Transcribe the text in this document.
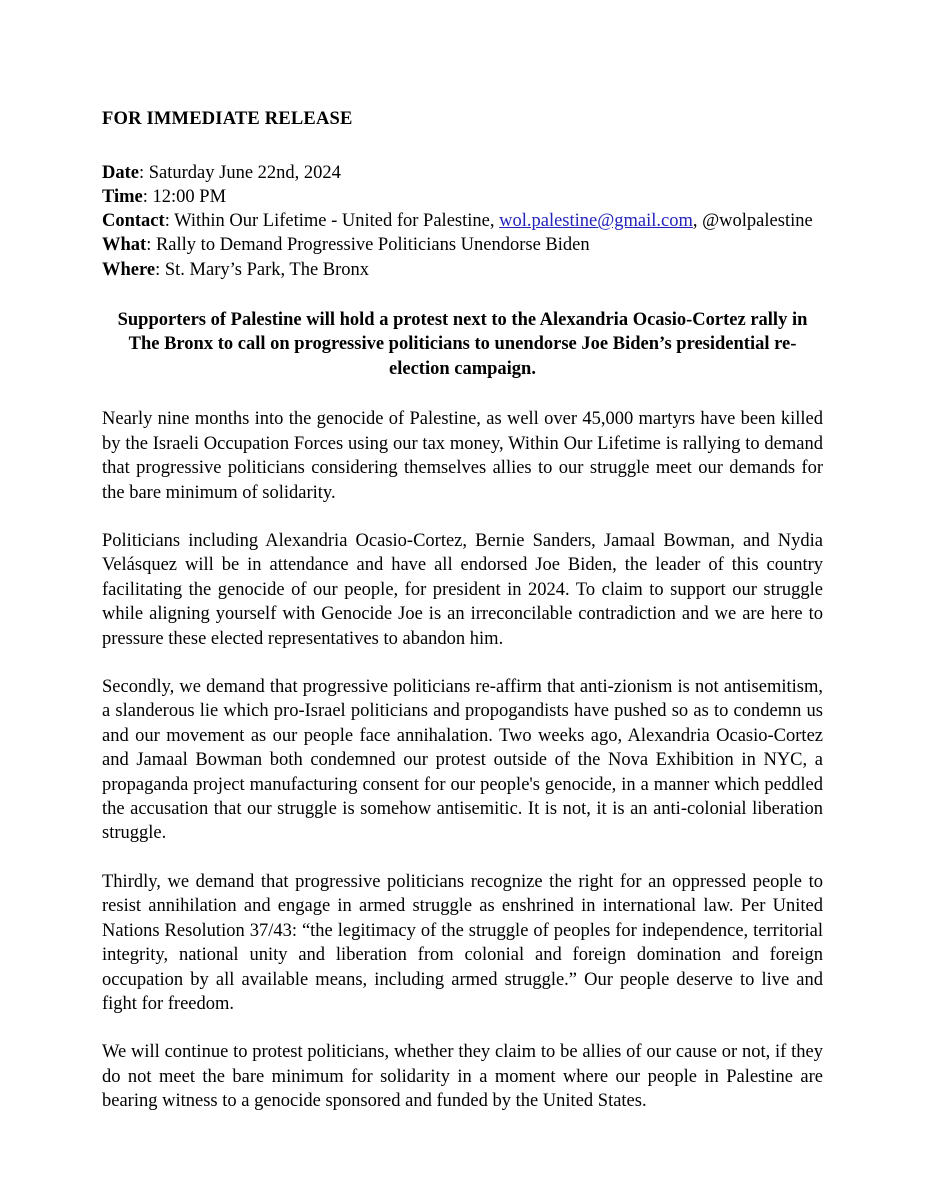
FOR IMMEDIATE RELEASE
Date: Saturday June 22nd, 2024
Time: 12:00 PM
Contact: Within Our Lifetime - United for Palestine, wol.palestine@gmail.com, @wolpalestine
What: Rally to Demand Progressive Politicians Unendorse Biden
Where: St. Mary’s Park, The Bronx

Supporters of Palestine will hold a protest next to the Alexandria Ocasio-Cortez rally in The Bronx to call on progressive politicians to unendorse Joe Biden’s presidential re-election campaign.

Nearly nine months into the genocide of Palestine, as well over 45,000 martyrs have been killed by the Israeli Occupation Forces using our tax money, Within Our Lifetime is rallying to demand that progressive politicians considering themselves allies to our struggle meet our demands for the bare minimum of solidarity.

Politicians including Alexandria Ocasio-Cortez, Bernie Sanders, Jamaal Bowman, and Nydia Velásquez will be in attendance and have all endorsed Joe Biden, the leader of this country facilitating the genocide of our people, for president in 2024. To claim to support our struggle while aligning yourself with Genocide Joe is an irreconcilable contradiction and we are here to pressure these elected representatives to abandon him.

Secondly, we demand that progressive politicians re-affirm that anti-zionism is not antisemitism, a slanderous lie which pro-Israel politicians and propogandists have pushed so as to condemn us and our movement as our people face annihalation. Two weeks ago, Alexandria Ocasio-Cortez and Jamaal Bowman both condemned our protest outside of the Nova Exhibition in NYC, a propaganda project manufacturing consent for our people's genocide, in a manner which peddled the accusation that our struggle is somehow antisemitic. It is not, it is an anti-colonial liberation struggle.

Thirdly, we demand that progressive politicians recognize the right for an oppressed people to resist annihilation and engage in armed struggle as enshrined in international law. Per United Nations Resolution 37/43: “the legitimacy of the struggle of peoples for independence, territorial integrity, national unity and liberation from colonial and foreign domination and foreign occupation by all available means, including armed struggle.” Our people deserve to live and fight for freedom.

We will continue to protest politicians, whether they claim to be allies of our cause or not, if they do not meet the bare minimum for solidarity in a moment where our people in Palestine are bearing witness to a genocide sponsored and funded by the United States.
